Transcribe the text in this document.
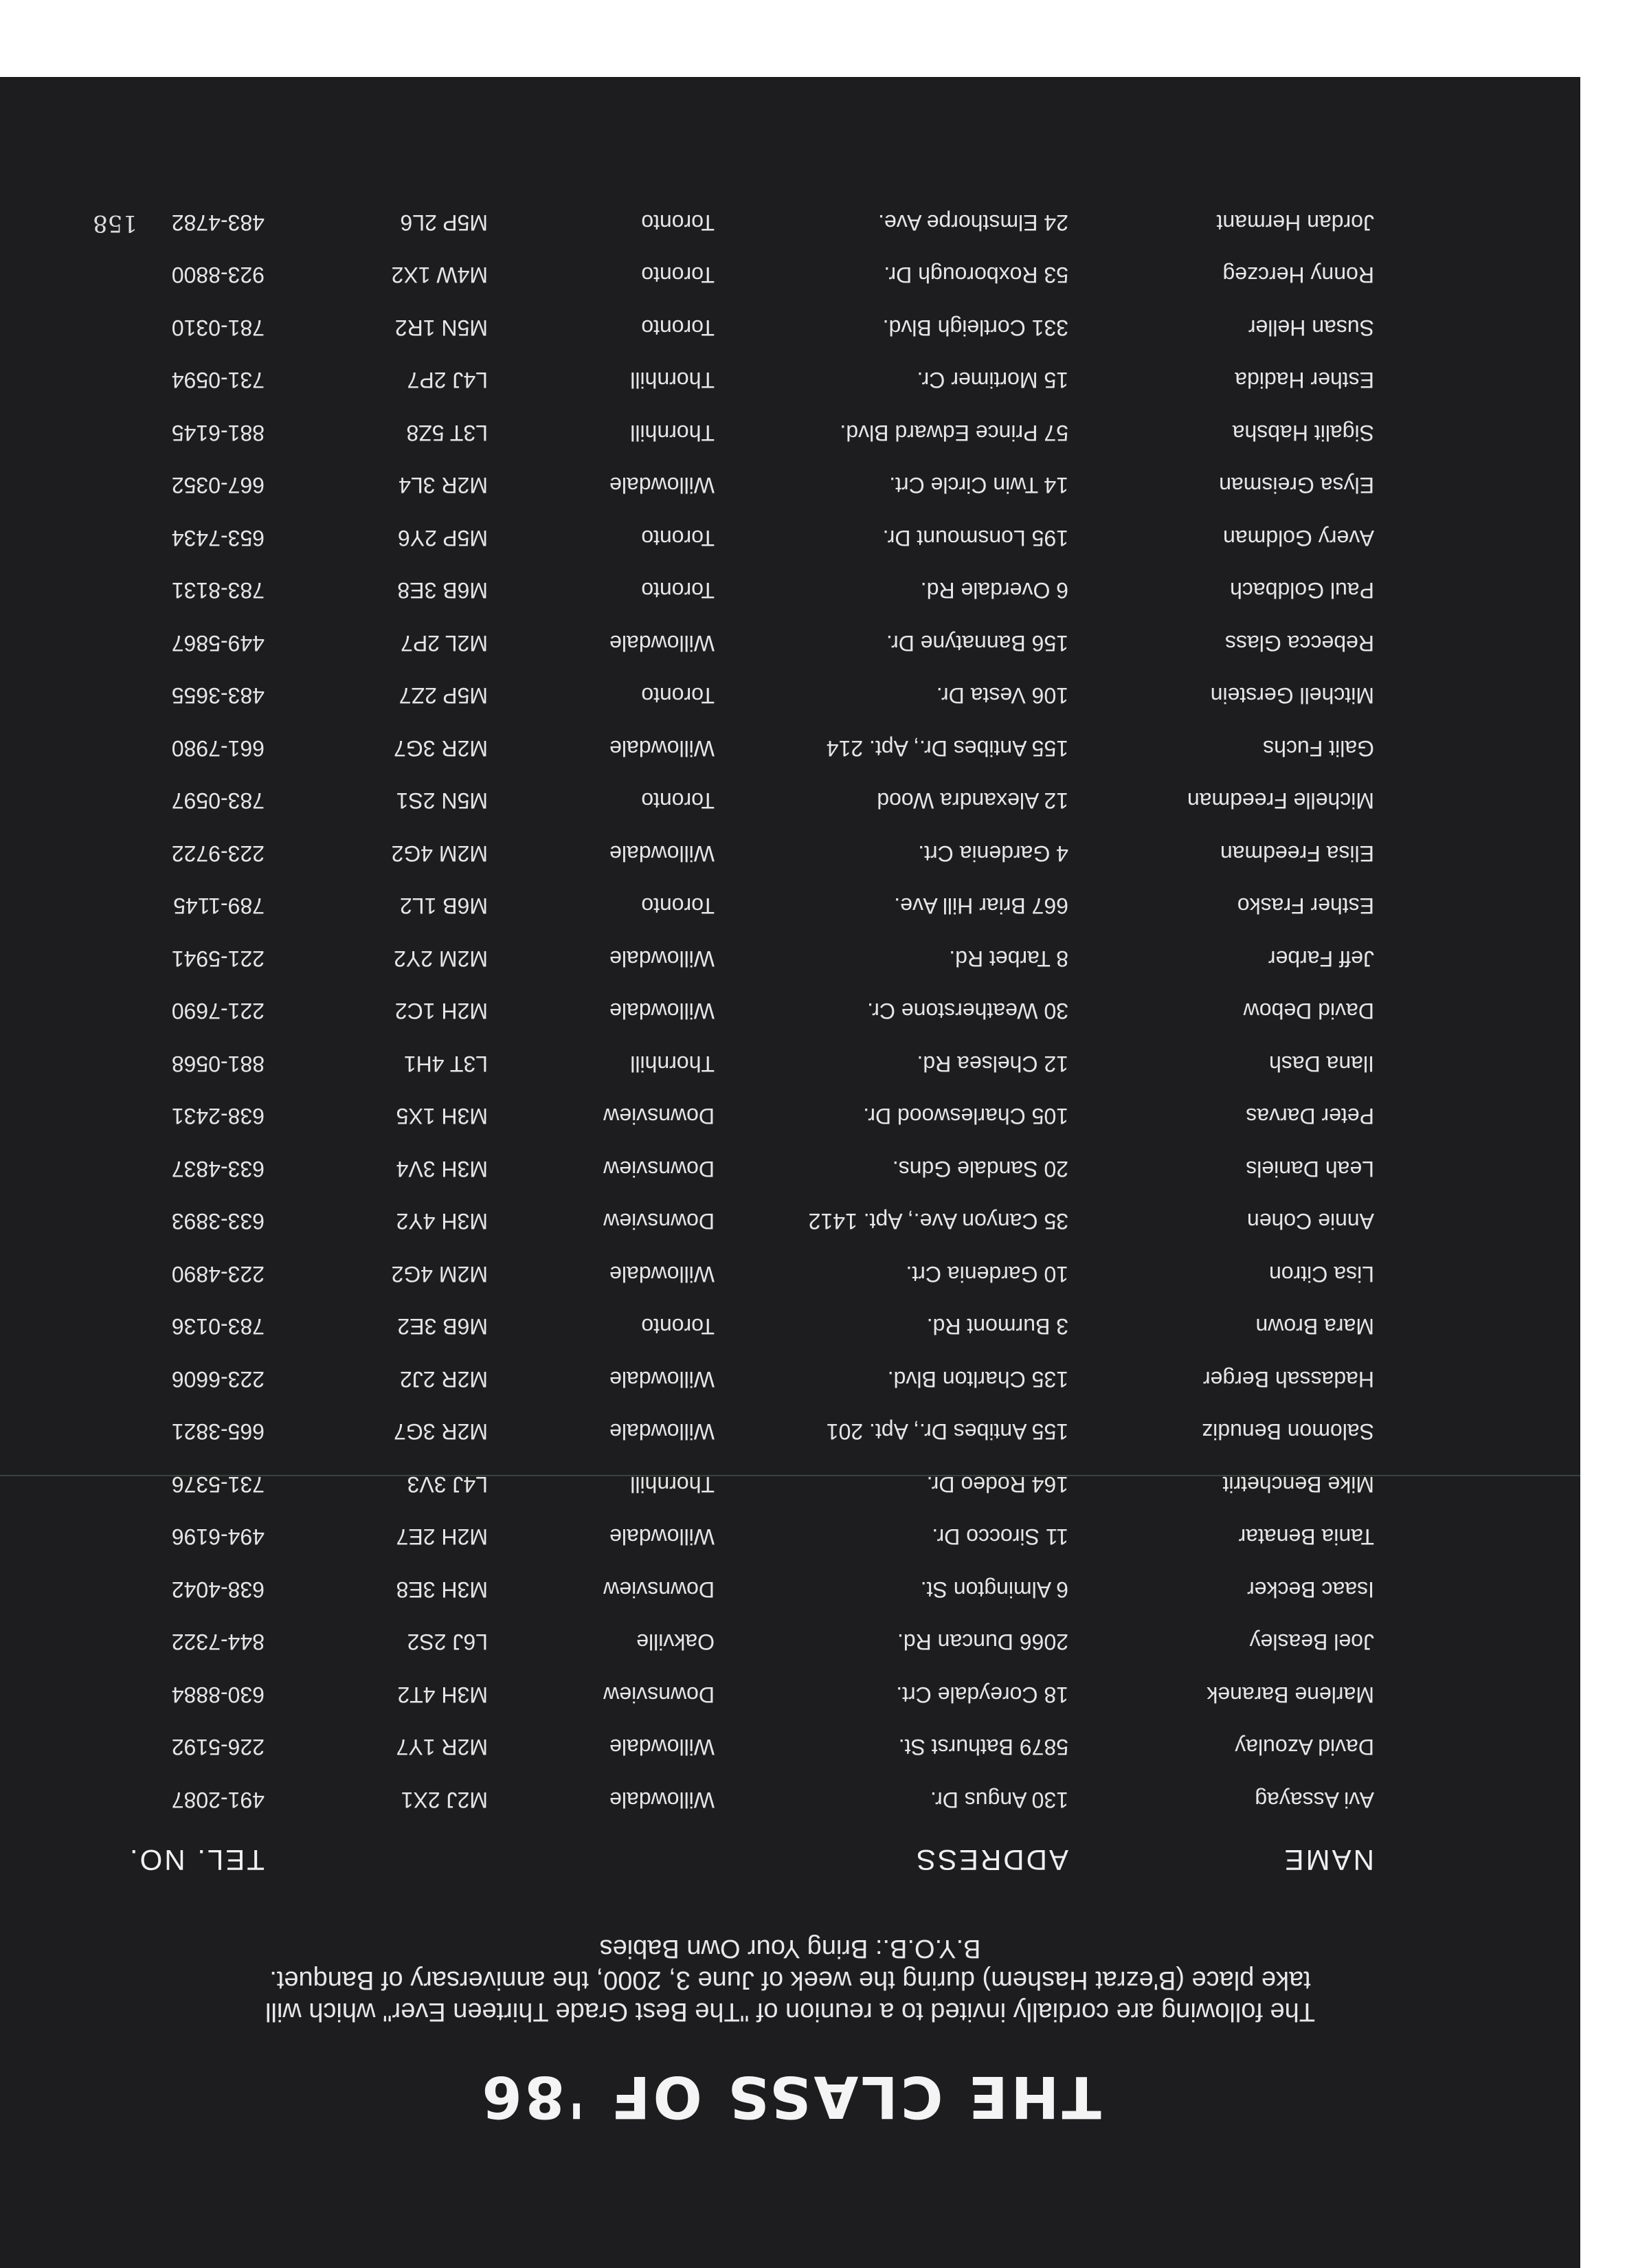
THE CLASS OF '86
The following are cordially invited to a reunion of "The Best Grade Thirteen Ever" which will
take place (B'ezrat Hashem) during the week of June 3, 2000, the anniversary of Banquet.
B.Y.O.B.: Bring Your Own Babies
NAME
ADDRESS
TEL. NO.
Avi Assayag
130 Angus Dr.
Willowdale
M2J 2X1
491-2087
David Azoulay
5879 Bathurst St.
Willowdale
M2R 1Y7
226-5192
Marlene Baranek
18 Coreydale Crt.
Downsview
M3H 4T2
630-8884
Joel Beasley
2066 Duncan Rd.
Oakville
L6J 2S2
844-7322
Isaac Becker
6 Almington St.
Downsview
M3H 3E8
638-4042
Tania Benatar
11 Sirocco Dr.
Willowdale
M2H 2E7
494-6196
Mike Benchetrit
164 Rodeo Dr.
Thornhill
L4J 3V3
731-5376
Salomon Benudiz
155 Antibes Dr., Apt. 201
Willowdale
M2R 3G7
665-3821
Hadassah Berger
135 Charlton Blvd.
Willowdale
M2R 2J2
223-6606
Mara Brown
3 Burmont Rd.
Toronto
M6B 3E2
783-0136
Lisa Citron
10 Gardenia Crt.
Willowdale
M2M 4G2
223-4890
Annie Cohen
35 Canyon Ave., Apt. 1412
Downsview
M3H 4Y2
633-3893
Leah Daniels
20 Sandale Gdns.
Downsview
M3H 3V4
633-4837
Peter Darvas
105 Charleswood Dr.
Downsview
M3H 1X5
638-2431
Ilana Dash
12 Chelsea Rd.
Thornhill
L3T 4H1
881-0568
David Debow
30 Weatherstone Cr.
Willowdale
M2H 1C2
221-7690
Jeff Farber
8 Tarbet Rd.
Willowdale
M2M 2Y2
221-5941
Esther Frasko
667 Briar Hill Ave.
Toronto
M6B 1L2
789-1145
Elisa Freedman
4 Gardenia Crt.
Willowdale
M2M 4G2
223-9722
Michelle Freedman
12 Alexandra Wood
Toronto
M5N 2S1
783-0597
Galit Fuchs
155 Antibes Dr., Apt. 214
Willowdale
M2R 3G7
661-7980
Mitchell Gerstein
106 Vesta Dr.
Toronto
M5P 2Z7
483-3655
Rebecca Glass
156 Bannatyne Dr.
Willowdale
M2L 2P7
449-5867
Paul Goldbach
6 Overdale Rd.
Toronto
M6B 3E8
783-8131
Avery Goldman
195 Lonsmount Dr.
Toronto
M5P 2Y6
653-7434
Elysa Greisman
14 Twin Circle Crt.
Willowdale
M2R 3L4
667-0352
Sigalit Habsha
57 Prince Edward Blvd.
Thornhill
L3T 5Z8
881-6145
Esther Hadida
15 Mortimer Cr.
Thornhill
L4J 2P7
731-0594
Susan Heller
331 Cortleigh Blvd.
Toronto
M5N 1R2
781-0310
Ronny Herczeg
53 Roxborough Dr.
Toronto
M4W 1X2
923-8800
Jordan Hermant
24 Elmsthorpe Ave.
Toronto
M5P 2L6
483-4782
158
